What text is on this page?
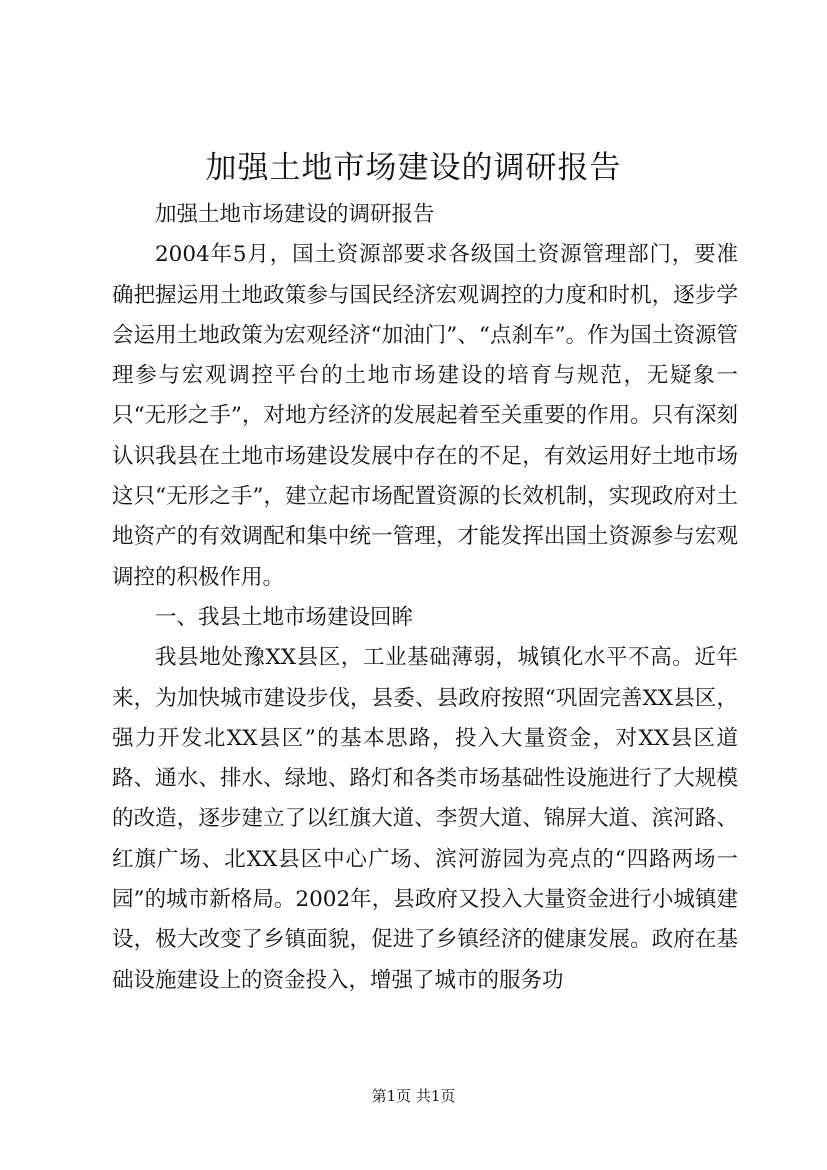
加强土地市场建设的调研报告

加强土地市场建设的调研报告

2004年5月，国土资源部要求各级国土资源管理部门，要准确把握运用土地政策参与国民经济宏观调控的力度和时机，逐步学会运用土地政策为宏观经济“加油门”、“点刹车”。作为国土资源管理参与宏观调控平台的土地市场建设的培育与规范，无疑象一只“无形之手”，对地方经济的发展起着至关重要的作用。只有深刻认识我县在土地市场建设发展中存在的不足，有效运用好土地市场这只“无形之手”，建立起市场配置资源的长效机制，实现政府对土地资产的有效调配和集中统一管理，才能发挥出国土资源参与宏观调控的积极作用。

一、我县土地市场建设回眸

我县地处豫XX县区，工业基础薄弱，城镇化水平不高。近年来，为加快城市建设步伐，县委、县政府按照“巩固完善XX县区，强力开发北XX县区”的基本思路，投入大量资金，对XX县区道路、通水、排水、绿地、路灯和各类市场基础性设施进行了大规模的改造，逐步建立了以红旗大道、李贺大道、锦屏大道、滨河路、红旗广场、北XX县区中心广场、滨河游园为亮点的“四路两场一园”的城市新格局。2002年，县政府又投入大量资金进行小城镇建设，极大改变了乡镇面貌，促进了乡镇经济的健康发展。政府在基础设施建设上的资金投入，增强了城市的服务功

第1页 共1页
